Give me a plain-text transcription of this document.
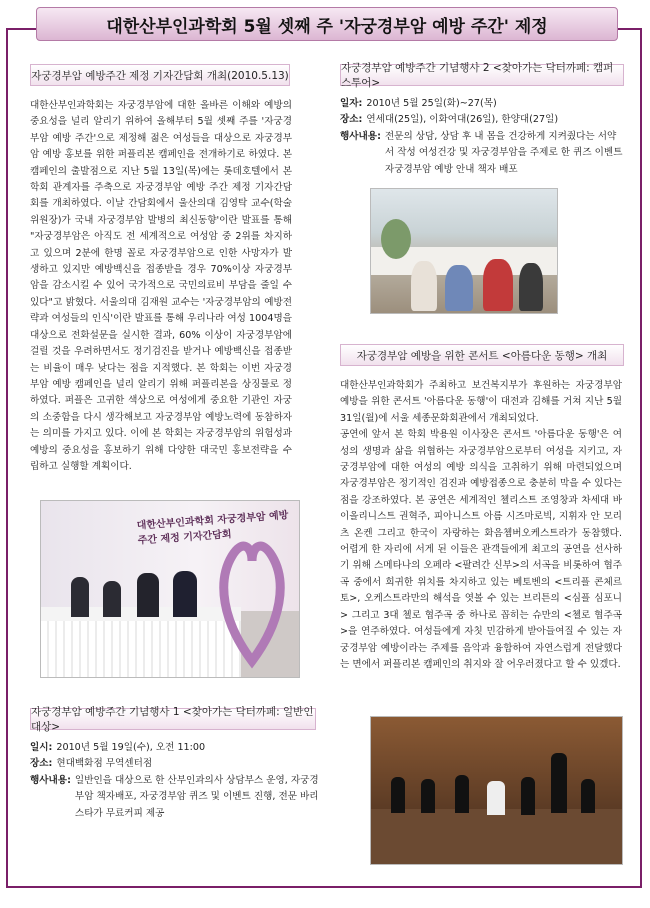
대한산부인과학회 5월 셋째 주 '자궁경부암 예방 주간' 제정
자궁경부암 예방주간 제정 기자간담회 개최(2010.5.13)

대한산부인과학회는 자궁경부암에 대한 올바른 이해와 예방의 중요성을 널리 알리기 위하여 올해부터 5월 셋째 주를 '자궁경부암 예방 주간'으로 제정해 젊은 여성들을 대상으로 자궁경부암 예방 홍보를 위한 퍼플리본 캠페인을 전개하기로 하였다. 본 캠페인의 출발점으로 지난 5월 13일(목)에는 롯데호텔에서 본 학회 관계자를 주축으로 자궁경부암 예방 주간 제정 기자간담회를 개최하였다. 이날 간담회에서 울산의대 김영탁 교수(학술위원장)가 국내 자궁경부암 발병의 최신동향'이란 발표를 통해 "자궁경부암은 아직도 전 세계적으로 여성암 중 2위를 차지하고 있으며 2분에 한명 꼴로 자궁경부암으로 인한 사망자가 발생하고 있지만 예방백신을 접종받을 경우 70%이상 자궁경부암을 감소시킬 수 있어 국가적으로 국민의료비 부담을 줄일 수 있다"고 밝혔다. 서울의대 김재원 교수는 '자궁경부암의 예방전략과 여성들의 인식'이란 발표를 통해 우리나라 여성 1004명을 대상으로 전화설문을 실시한 결과, 60% 이상이 자궁경부암에 걸릴 것을 우려하면서도 정기검진을 받거나 예방백신을 접종받는 비율이 매우 낮다는 점을 지적했다. 본 학회는 이번 자궁경부암 예방 캠페인을 널리 알리기 위해 퍼플리본을 상징물로 정하였다. 퍼플은 고귀한 색상으로 여성에게 중요한 기관인 자궁의 소중함을 다시 생각해보고 자궁경부암 예방노력에 동참하자는 의미를 가지고 있다. 이에 본 학회는 자궁경부암의 위험성과 예방의 중요성을 홍보하기 위해 다양한 대국민 홍보전략을 수립하고 실행할 계획이다.

대한산부인과학회 자궁경부암 예방 주간 제정 기자간담회
자궁경부암 예방주간 기념행사 1 <찾아가는 닥터까페: 일반인 대상>
일시: 2010년 5월 19일(수), 오전 11:00
장소: 현대백화점 무역센터점
행사내용: 일반인을 대상으로 한 산부인과의사 상담부스 운영, 자궁경부암 책자배포, 자궁경부암 퀴즈 및 이벤트 진행, 전문 바리스타가 무료커피 제공
자궁경부암 예방주간 기념행사 2 <찾아가는 닥터까페: 캠퍼스투어>
일자: 2010년 5월 25일(화)~27(목)
장소: 연세대(25일), 이화여대(26일), 한양대(27일)
행사내용: 전문의 상담, 상담 후 내 몸을 건강하게 지켜줬다는 서약서 작성 여성건강 및 자궁경부암을 주제로 한 퀴즈 이벤트 자궁경부암 예방 안내 책자 배포
자궁경부암 예방을 위한 콘서트 <아름다운 동행> 개최

대한산부인과학회가 주최하고 보건복지부가 후원하는 자궁경부암 예방을 위한 콘서트 '아름다운 동행'이 대전과 김해를 거쳐 지난 5월 31일(월)에 서울 세종문화회관에서 개최되었다.

공연에 앞서 본 학회 박용원 이사장은 콘서트 '아름다운 동행'은 여성의 생명과 삶을 위협하는 자궁경부암으로부터 여성을 지키고, 자궁경부암에 대한 여성의 예방 의식을 고취하기 위해 마련되었으며 자궁경부암은 정기적인 검진과 예방접종으로 충분히 막을 수 있다는 점을 강조하였다. 본 공연은 세계적인 첼리스트 조영창과 차세대 바이올리니스트 권혁주, 피아니스트 아름 시즈마로빅, 지휘자 안 모리츠 온켄 그리고 한국이 자랑하는 화음쳄버오케스트라가 동참했다. 어렵게 한 자리에 서게 된 이들은 관객들에게 최고의 공연을 선사하기 위해 스메타나의 오페라 <팔려간 신부>의 서곡을 비롯하여 협주곡 중에서 희귀한 위치를 차지하고 있는 베토벤의 <트리플 콘체르토>, 오케스트라만의 해석을 엿볼 수 있는 브리튼의 <심플 심포니> 그리고 3대 첼로 협주곡 중 하나로 꼽히는 슈만의 <첼로 협주곡>을 연주하였다. 여성들에게 자칫 민감하게 받아들여질 수 있는 자궁경부암 예방이라는 주제를 음악과 융합하여 자연스럽게 전달했다는 면에서 퍼플리본 캠페인의 취지와 잘 어우러졌다고 할 수 있겠다.
